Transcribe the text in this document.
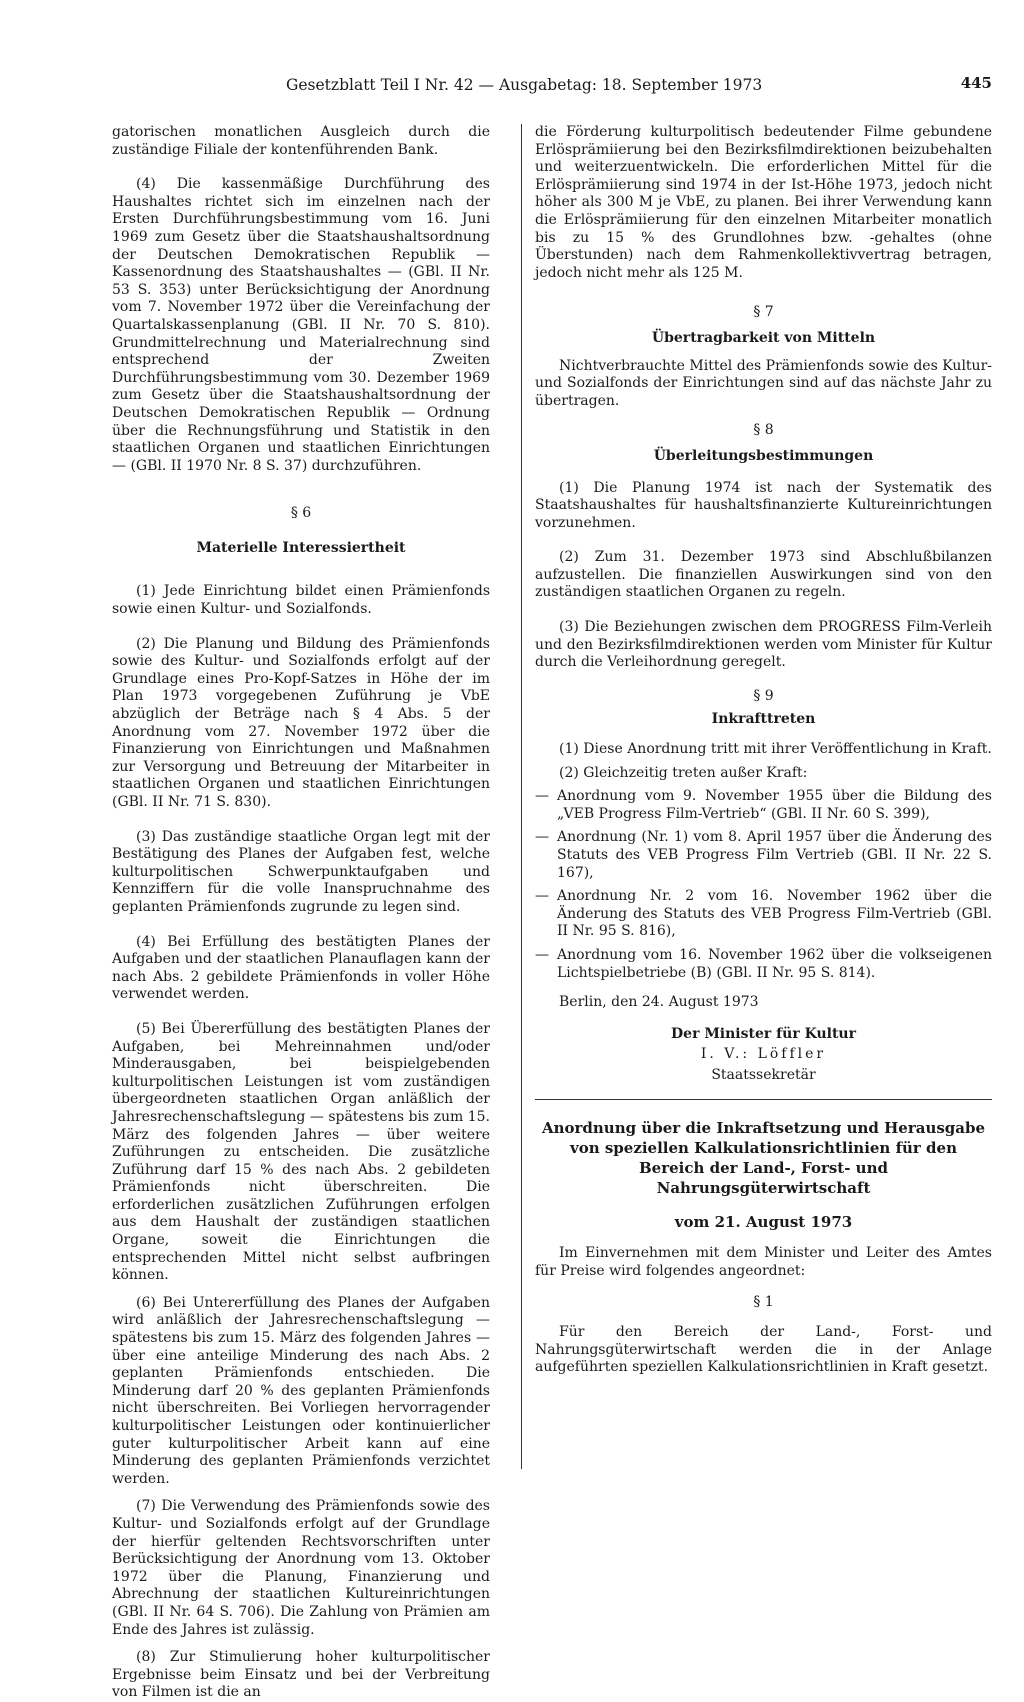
Gesetzblatt Teil I Nr. 42 — Ausgabetag: 18. September 1973	445

gatorischen monatlichen Ausgleich durch die zuständige Filiale der kontenführenden Bank.

(4) Die kassenmäßige Durchführung des Haushaltes richtet sich im einzelnen nach der Ersten Durchführungsbestimmung vom 16. Juni 1969 zum Gesetz über die Staatshaushaltsordnung der Deutschen Demokratischen Republik — Kassenordnung des Staatshaushaltes — (GBl. II Nr. 53 S. 353) unter Berücksichtigung der Anordnung vom 7. November 1972 über die Vereinfachung der Quartalskassenplanung (GBl. II Nr. 70 S. 810). Grundmittelrechnung und Materialrechnung sind entsprechend der Zweiten Durchführungsbestimmung vom 30. Dezember 1969 zum Gesetz über die Staatshaushaltsordnung der Deutschen Demokratischen Republik — Ordnung über die Rechnungsführung und Statistik in den staatlichen Organen und staatlichen Einrichtungen — (GBl. II 1970 Nr. 8 S. 37) durchzuführen.

§ 6

Materielle Interessiertheit

(1) Jede Einrichtung bildet einen Prämienfonds sowie einen Kultur- und Sozialfonds.

(2) Die Planung und Bildung des Prämienfonds sowie des Kultur- und Sozialfonds erfolgt auf der Grundlage eines Pro-Kopf-Satzes in Höhe der im Plan 1973 vorgegebenen Zuführung je VbE abzüglich der Beträge nach § 4 Abs. 5 der Anordnung vom 27. November 1972 über die Finanzierung von Einrichtungen und Maßnahmen zur Versorgung und Betreuung der Mitarbeiter in staatlichen Organen und staatlichen Einrichtungen (GBl. II Nr. 71 S. 830).

(3) Das zuständige staatliche Organ legt mit der Bestätigung des Planes der Aufgaben fest, welche kulturpolitischen Schwerpunktaufgaben und Kennziffern für die volle Inanspruchnahme des geplanten Prämienfonds zugrunde zu legen sind.

(4) Bei Erfüllung des bestätigten Planes der Aufgaben und der staatlichen Planauflagen kann der nach Abs. 2 gebildete Prämienfonds in voller Höhe verwendet werden.

(5) Bei Übererfüllung des bestätigten Planes der Aufgaben, bei Mehreinnahmen und/oder Minderausgaben, bei beispielgebenden kulturpolitischen Leistungen ist vom zuständigen übergeordneten staatlichen Organ anläßlich der Jahresrechenschaftslegung — spätestens bis zum 15. März des folgenden Jahres — über weitere Zuführungen zu entscheiden. Die zusätzliche Zuführung darf 15 % des nach Abs. 2 gebildeten Prämienfonds nicht überschreiten. Die erforderlichen zusätzlichen Zuführungen erfolgen aus dem Haushalt der zuständigen staatlichen Organe, soweit die Einrichtungen die entsprechenden Mittel nicht selbst aufbringen können.

(6) Bei Untererfüllung des Planes der Aufgaben wird anläßlich der Jahresrechenschaftslegung — spätestens bis zum 15. März des folgenden Jahres — über eine anteilige Minderung des nach Abs. 2 geplanten Prämienfonds entschieden. Die Minderung darf 20 % des geplanten Prämienfonds nicht überschreiten. Bei Vorliegen hervorragender kulturpolitischer Leistungen oder kontinuierlicher guter kulturpolitischer Arbeit kann auf eine Minderung des geplanten Prämienfonds verzichtet werden.

(7) Die Verwendung des Prämienfonds sowie des Kultur- und Sozialfonds erfolgt auf der Grundlage der hierfür geltenden Rechtsvorschriften unter Berücksichtigung der Anordnung vom 13. Oktober 1972 über die Planung, Finanzierung und Abrechnung der staatlichen Kultureinrichtungen (GBl. II Nr. 64 S. 706). Die Zahlung von Prämien am Ende des Jahres ist zulässig.

(8) Zur Stimulierung hoher kulturpolitischer Ergebnisse beim Einsatz und bei der Verbreitung von Filmen ist die an

die Förderung kulturpolitisch bedeutender Filme gebundene Erlösprämiierung bei den Bezirksfilmdirektionen beizubehalten und weiterzuentwickeln. Die erforderlichen Mittel für die Erlösprämiierung sind 1974 in der Ist-Höhe 1973, jedoch nicht höher als 300 M je VbE, zu planen. Bei ihrer Verwendung kann die Erlösprämiierung für den einzelnen Mitarbeiter monatlich bis zu 15 % des Grundlohnes bzw. -gehaltes (ohne Überstunden) nach dem Rahmenkollektivvertrag betragen, jedoch nicht mehr als 125 M.

§ 7

Übertragbarkeit von Mitteln

Nichtverbrauchte Mittel des Prämienfonds sowie des Kultur- und Sozialfonds der Einrichtungen sind auf das nächste Jahr zu übertragen.

§ 8

Überleitungsbestimmungen

(1) Die Planung 1974 ist nach der Systematik des Staatshaushaltes für haushaltsfinanzierte Kultureinrichtungen vorzunehmen.

(2) Zum 31. Dezember 1973 sind Abschlußbilanzen aufzustellen. Die finanziellen Auswirkungen sind von den zuständigen staatlichen Organen zu regeln.

(3) Die Beziehungen zwischen dem PROGRESS Film-Verleih und den Bezirksfilmdirektionen werden vom Minister für Kultur durch die Verleihordnung geregelt.

§ 9

Inkrafttreten

(1) Diese Anordnung tritt mit ihrer Veröffentlichung in Kraft.

(2) Gleichzeitig treten außer Kraft:

— Anordnung vom 9. November 1955 über die Bildung des „VEB Progress Film-Vertrieb“ (GBl. II Nr. 60 S. 399),
— Anordnung (Nr. 1) vom 8. April 1957 über die Änderung des Statuts des VEB Progress Film Vertrieb (GBl. II Nr. 22 S. 167),
— Anordnung Nr. 2 vom 16. November 1962 über die Änderung des Statuts des VEB Progress Film-Vertrieb (GBl. II Nr. 95 S. 816),
— Anordnung vom 16. November 1962 über die volkseigenen Lichtspielbetriebe (B) (GBl. II Nr. 95 S. 814).

Berlin, den 24. August 1973

Der Minister für Kultur

I. V.: Löffler

Staatssekretär

Anordnung über die Inkraftsetzung und Herausgabe von speziellen Kalkulationsrichtlinien für den Bereich der Land-, Forst- und Nahrungsgüterwirtschaft

vom 21. August 1973

Im Einvernehmen mit dem Minister und Leiter des Amtes für Preise wird folgendes angeordnet:

§ 1

Für den Bereich der Land-, Forst- und Nahrungsgüterwirtschaft werden die in der Anlage aufgeführten speziellen Kalkulationsrichtlinien in Kraft gesetzt.
